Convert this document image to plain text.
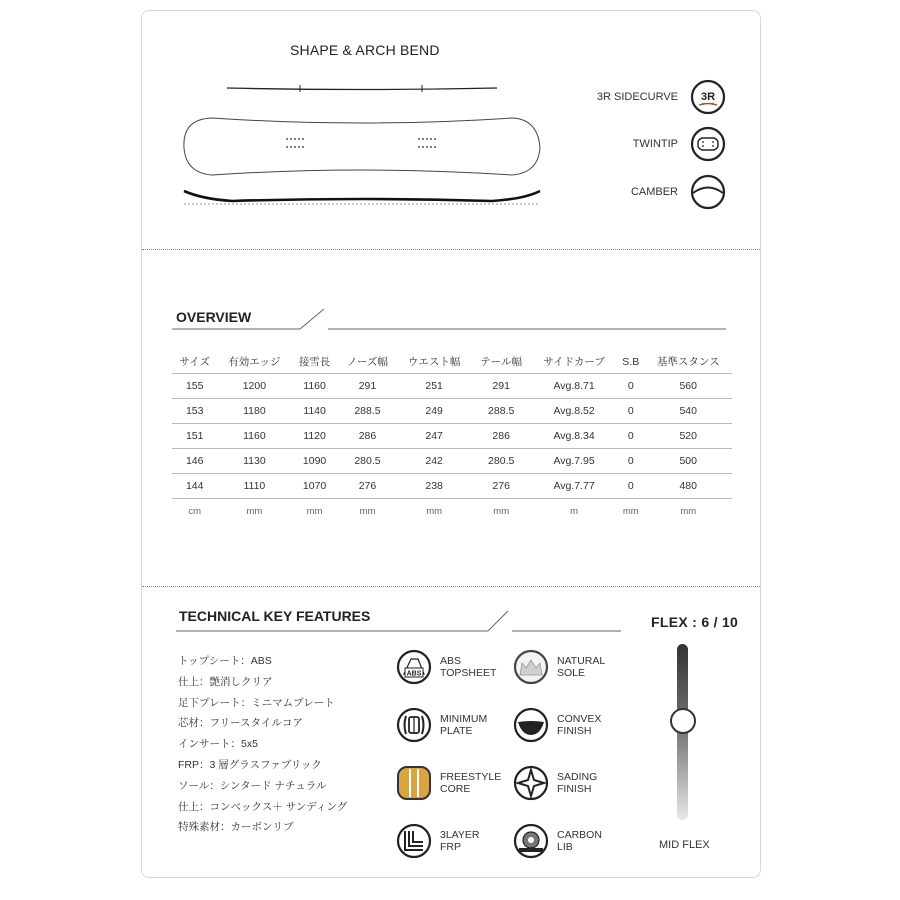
SHAPE & ARCH BEND
3R SIDECURVE 3R
TWINTIP
CAMBER
OVERVIEW
サイズ	有効エッジ	接雪長	ノーズ幅	ウエスト幅	テール幅	サイドカーブ	S.B	基準スタンス
155	1200	1160	291	251	291	Avg.8.71	0	560
153	1180	1140	288.5	249	288.5	Avg.8.52	0	540
151	1160	1120	286	247	286	Avg.8.34	0	520
146	1130	1090	280.5	242	280.5	Avg.7.95	0	500
144	1110	1070	276	238	276	Avg.7.77	0	480
cm	mm	mm	mm	mm	mm	m	mm	mm
TECHNICAL KEY FEATURES	FLEX : 6 / 10
トップシート：ABS
仕上：艶消しクリア
足下プレート：ミニマムプレート
芯材：フリースタイルコア
インサート：5x5
FRP：3 層グラスファブリック
ソール：シンタード ナチュラル
仕上：コンベックス＋ サンディング
特殊素材：カーボンリブ
ABS
ABS
TOPSHEET
MINIMUM
PLATE
FREESTYLE
CORE
3LAYER
FRP
NATURAL
SOLE
CONVEX
FINISH
SADING
FINISH
CARBON
LIB	MID FLEX
